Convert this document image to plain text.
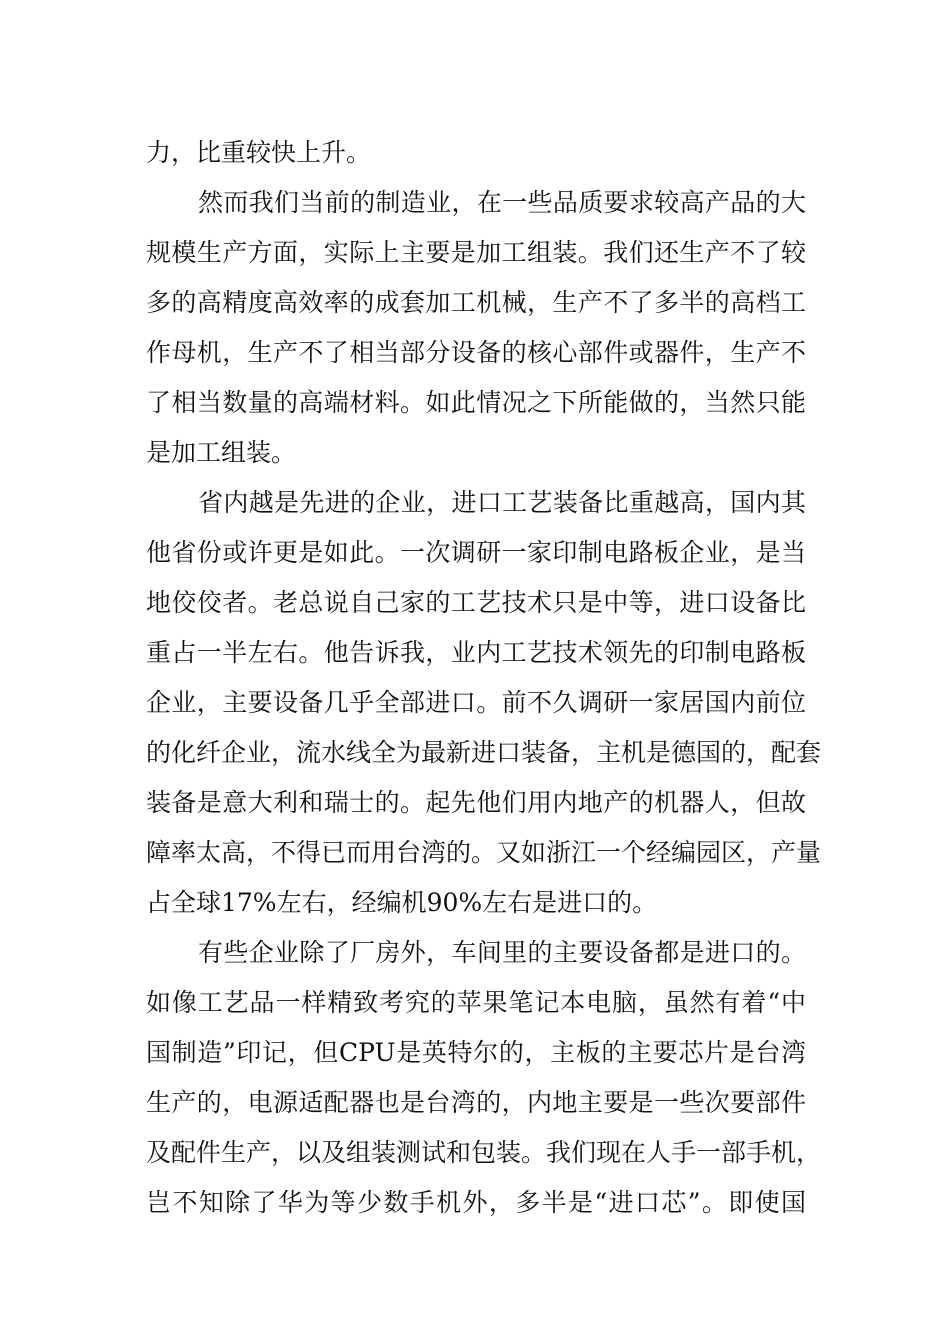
力，比重较快上升。
然而我们当前的制造业，在一些品质要求较高产品的大
规模生产方面，实际上主要是加工组装。我们还生产不了较
多的高精度高效率的成套加工机械，生产不了多半的高档工
作母机，生产不了相当部分设备的核心部件或器件，生产不
了相当数量的高端材料。如此情况之下所能做的，当然只能
是加工组装。
省内越是先进的企业，进口工艺装备比重越高，国内其
他省份或许更是如此。一次调研一家印制电路板企业，是当
地佼佼者。老总说自己家的工艺技术只是中等，进口设备比
重占一半左右。他告诉我，业内工艺技术领先的印制电路板
企业，主要设备几乎全部进口。前不久调研一家居国内前位
的化纤企业，流水线全为最新进口装备，主机是德国的，配套
装备是意大利和瑞士的。起先他们用内地产的机器人，但故
障率太高，不得已而用台湾的。又如浙江一个经编园区，产量
占全球17%左右，经编机90%左右是进口的。
有些企业除了厂房外，车间里的主要设备都是进口的。
如像工艺品一样精致考究的苹果笔记本电脑，虽然有着“中
国制造”印记，但CPU是英特尔的，主板的主要芯片是台湾
生产的，电源适配器也是台湾的，内地主要是一些次要部件
及配件生产，以及组装测试和包装。我们现在人手一部手机，
岂不知除了华为等少数手机外，多半是“进口芯”。即使国
